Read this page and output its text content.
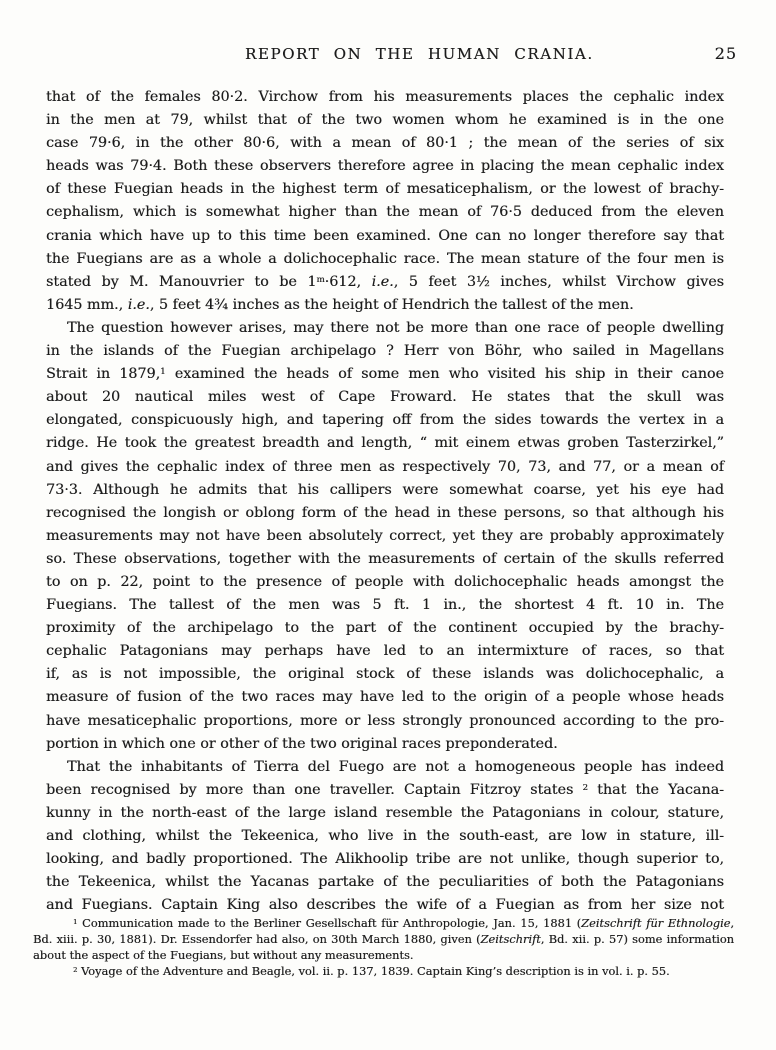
REPORT ON THE HUMAN CRANIA.	25
that of the females 80·2. Virchow from his measurements places the cephalic index
in the men at 79, whilst that of the two women whom he examined is in the one
case 79·6, in the other 80·6, with a mean of 80·1 ; the mean of the series of six
heads was 79·4. Both these observers therefore agree in placing the mean cephalic index
of these Fuegian heads in the highest term of mesaticephalism, or the lowest of brachy-
cephalism, which is somewhat higher than the mean of 76·5 deduced from the eleven
crania which have up to this time been examined. One can no longer therefore say that
the Fuegians are as a whole a dolichocephalic race. The mean stature of the four men is
stated by M. Manouvrier to be $1^m\cdot 612$, i.e., 5 feet 3½ inches, whilst Virchow gives
1645 mm., i.e., 5 feet 4¾ inches as the height of Hendrich the tallest of the men.
The question however arises, may there not be more than one race of people dwelling
in the islands of the Fuegian archipelago ? Herr von Böhr, who sailed in Magellans
Strait in 1879,$^1$ examined the heads of some men who visited his ship in their canoe
about 20 nautical miles west of Cape Froward. He states that the skull was
elongated, conspicuously high, and tapering off from the sides towards the vertex in a
ridge. He took the greatest breadth and length, “ mit einem etwas groben Tasterzirkel,”
and gives the cephalic index of three men as respectively 70, 73, and 77, or a mean of
73·3. Although he admits that his callipers were somewhat coarse, yet his eye had
recognised the longish or oblong form of the head in these persons, so that although his
measurements may not have been absolutely correct, yet they are probably approximately
so. These observations, together with the measurements of certain of the skulls referred
to on p. 22, point to the presence of people with dolichocephalic heads amongst the
Fuegians. The tallest of the men was 5 ft. 1 in., the shortest 4 ft. 10 in. The
proximity of the archipelago to the part of the continent occupied by the brachy-
cephalic Patagonians may perhaps have led to an intermixture of races, so that
if, as is not impossible, the original stock of these islands was dolichocephalic, a
measure of fusion of the two races may have led to the origin of a people whose heads
have mesaticephalic proportions, more or less strongly pronounced according to the pro-
portion in which one or other of the two original races preponderated.
That the inhabitants of Tierra del Fuego are not a homogeneous people has indeed
been recognised by more than one traveller. Captain Fitzroy states $^2$ that the Yacana-
kunny in the north-east of the large island resemble the Patagonians in colour, stature,
and clothing, whilst the Tekeenica, who live in the south-east, are low in stature, ill-
looking, and badly proportioned. The Alikhoolip tribe are not unlike, though superior to,
the Tekeenica, whilst the Yacanas partake of the peculiarities of both the Patagonians
and Fuegians. Captain King also describes the wife of a Fuegian as from her size not
$^1$ Communication made to the Berliner Gesellschaft für Anthropologie, Jan. 15, 1881 (Zeitschrift für Ethnologie,
Bd. xiii. p. 30, 1881). Dr. Essendorfer had also, on 30th March 1880, given (Zeitschrift, Bd. xii. p. 57) some information
about the aspect of the Fuegians, but without any measurements.
$^2$ Voyage of the Adventure and Beagle, vol. ii. p. 137, 1839. Captain King’s description is in vol. i. p. 55.
